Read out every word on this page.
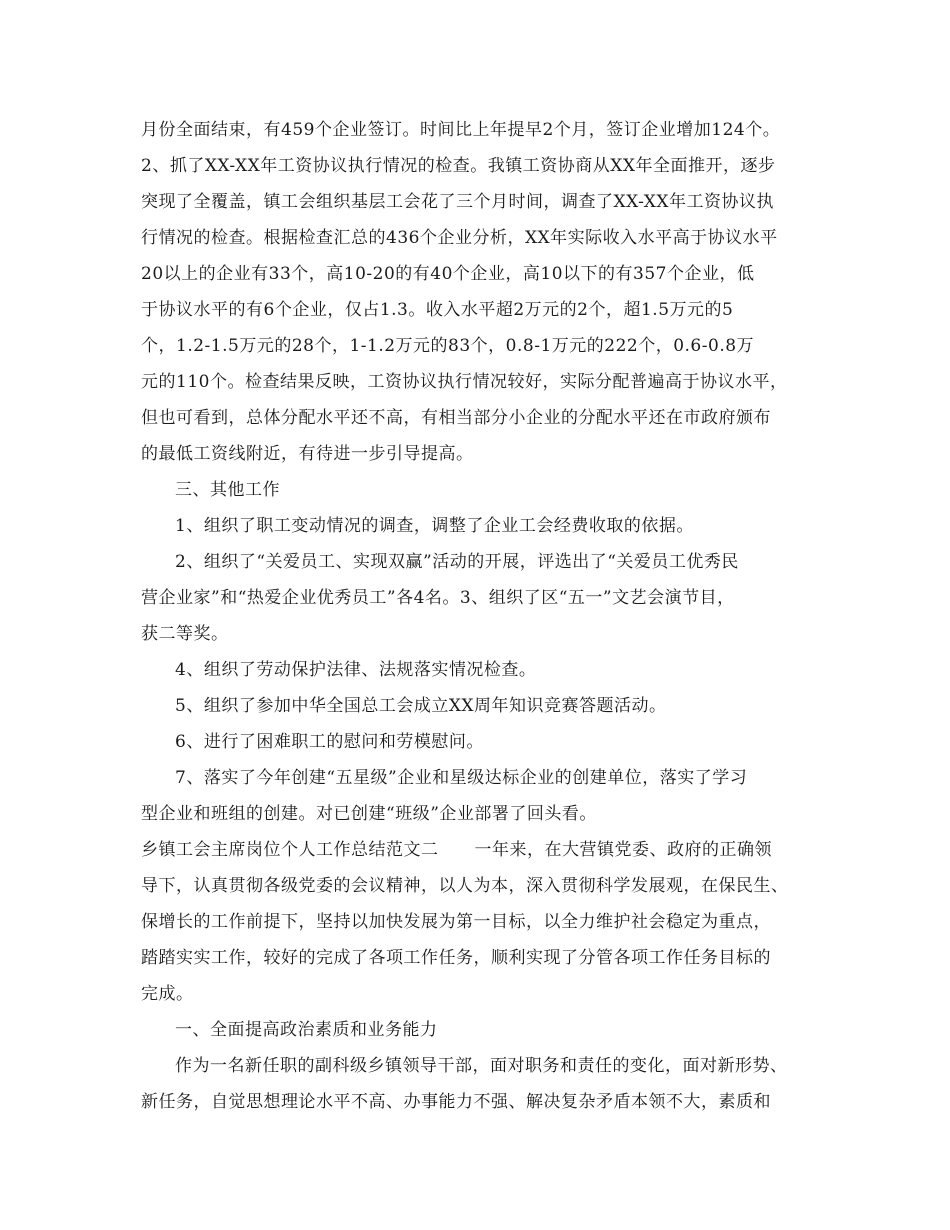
月份全面结束，有459个企业签订。时间比上年提早2个月，签订企业增加124个。
2、抓了XX-XX年工资协议执行情况的检查。我镇工资协商从XX年全面推开，逐步
突现了全覆盖，镇工会组织基层工会花了三个月时间，调查了XX-XX年工资协议执
行情况的检查。根据检查汇总的436个企业分析，XX年实际收入水平高于协议水平
20以上的企业有33个，高10-20的有40个企业，高10以下的有357个企业，低
于协议水平的有6个企业，仅占1.3。收入水平超2万元的2个，超1.5万元的5
个，1.2-1.5万元的28个，1-1.2万元的83个，0.8-1万元的222个，0.6-0.8万
元的110个。检查结果反映，工资协议执行情况较好，实际分配普遍高于协议水平，
但也可看到，总体分配水平还不高，有相当部分小企业的分配水平还在市政府颁布
的最低工资线附近，有待进一步引导提高。
三、其他工作
1、组织了职工变动情况的调查，调整了企业工会经费收取的依据。
2、组织了“关爱员工、实现双赢”活动的开展，评选出了“关爱员工优秀民
营企业家”和“热爱企业优秀员工”各4名。3、组织了区“五一”文艺会演节目，
获二等奖。
4、组织了劳动保护法律、法规落实情况检查。
5、组织了参加中华全国总工会成立XX周年知识竞赛答题活动。
6、进行了困难职工的慰问和劳模慰问。
7、落实了今年创建“五星级”企业和星级达标企业的创建单位，落实了学习
型企业和班组的创建。对已创建“班级”企业部署了回头看。
乡镇工会主席岗位个人工作总结范文二 一年来，在大营镇党委、政府的正确领
导下，认真贯彻各级党委的会议精神，以人为本，深入贯彻科学发展观，在保民生、
保增长的工作前提下，坚持以加快发展为第一目标，以全力维护社会稳定为重点，
踏踏实实工作，较好的完成了各项工作任务，顺利实现了分管各项工作任务目标的
完成。
一、全面提高政治素质和业务能力
作为一名新任职的副科级乡镇领导干部，面对职务和责任的变化，面对新形势、
新任务，自觉思想理论水平不高、办事能力不强、解决复杂矛盾本领不大，素质和
